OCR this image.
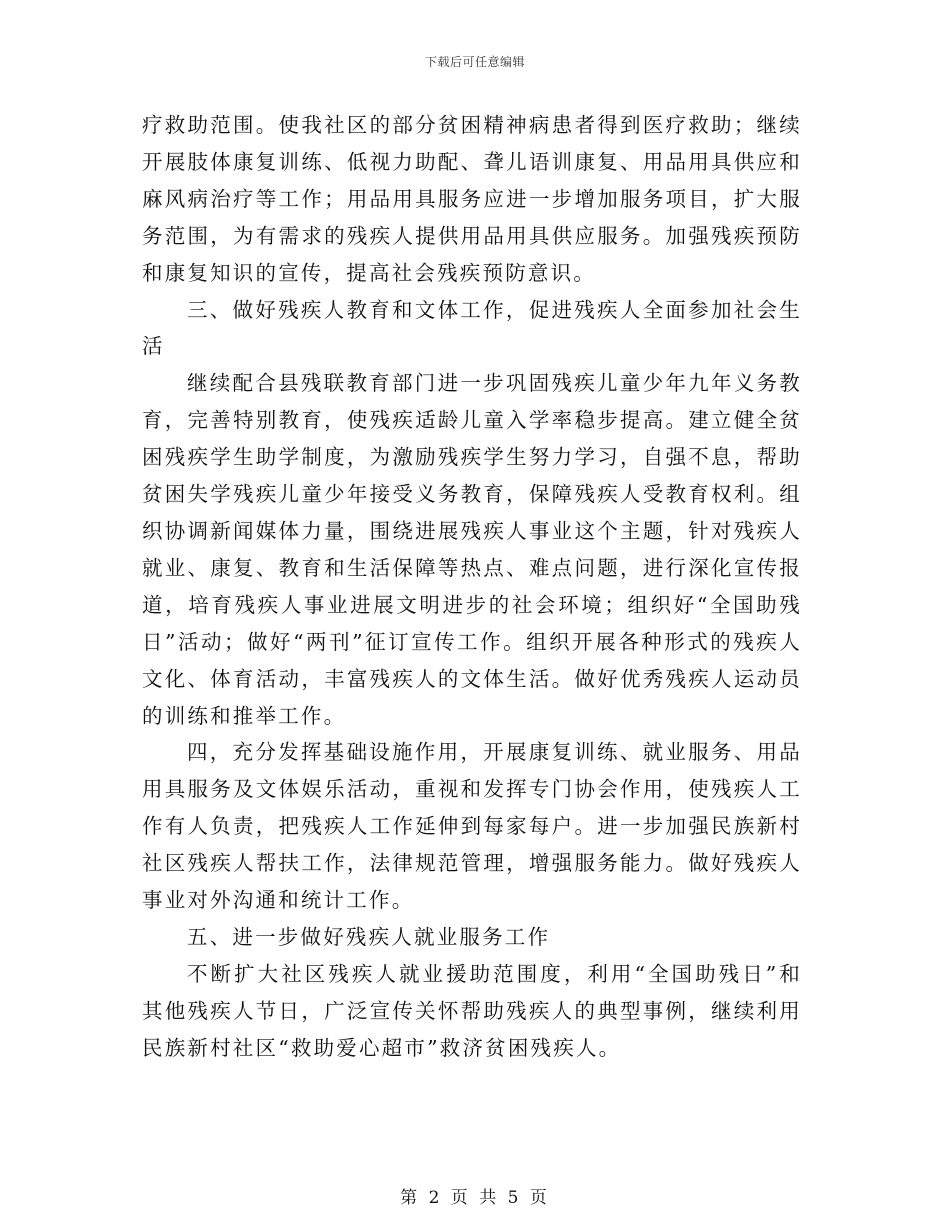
下载后可任意编辑

疗救助范围。使我社区的部分贫困精神病患者得到医疗救助；继续开展肢体康复训练、低视力助配、聋儿语训康复、用品用具供应和麻风病治疗等工作；用品用具服务应进一步增加服务项目，扩大服务范围，为有需求的残疾人提供用品用具供应服务。加强残疾预防和康复知识的宣传，提高社会残疾预防意识。

三、做好残疾人教育和文体工作，促进残疾人全面参加社会生活

继续配合县残联教育部门进一步巩固残疾儿童少年九年义务教育，完善特别教育，使残疾适龄儿童入学率稳步提高。建立健全贫困残疾学生助学制度，为激励残疾学生努力学习，自强不息，帮助贫困失学残疾儿童少年接受义务教育，保障残疾人受教育权利。组织协调新闻媒体力量，围绕进展残疾人事业这个主题，针对残疾人就业、康复、教育和生活保障等热点、难点问题，进行深化宣传报道，培育残疾人事业进展文明进步的社会环境；组织好“全国助残日”活动；做好“两刊”征订宣传工作。组织开展各种形式的残疾人文化、体育活动，丰富残疾人的文体生活。做好优秀残疾人运动员的训练和推举工作。

四，充分发挥基础设施作用，开展康复训练、就业服务、用品用具服务及文体娱乐活动，重视和发挥专门协会作用，使残疾人工作有人负责，把残疾人工作延伸到每家每户。进一步加强民族新村社区残疾人帮扶工作，法律规范管理，增强服务能力。做好残疾人事业对外沟通和统计工作。

五、进一步做好残疾人就业服务工作

不断扩大社区残疾人就业援助范围度，利用“全国助残日”和其他残疾人节日，广泛宣传关怀帮助残疾人的典型事例，继续利用民族新村社区“救助爱心超市”救济贫困残疾人。

第 2 页 共 5 页
